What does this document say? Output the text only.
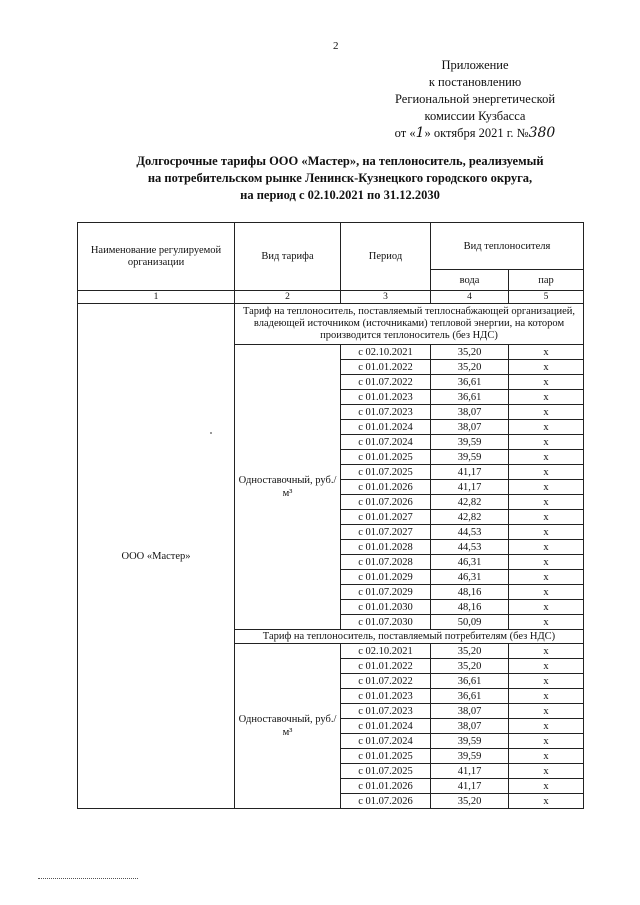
2
Приложение
к постановлению
Региональной энергетической
комиссии Кузбасса
от «1» октября 2021 г. №380
Долгосрочные тарифы ООО «Мастер», на теплоноситель, реализуемый
на потребительском рынке Ленинск-Кузнецкого городского округа,
на период с 02.10.2021 по 31.12.2030
Наименование регулируемой организации	Вид тарифа	Период	Вид теплоносителя	
			вода	пар
1	2	3	4	5
ООО «Мастер»	Тариф на теплоноситель, поставляемый теплоснабжающей организацией, владеющей источником (источниками) тепловой энергии, на котором производится теплоноситель (без НДС)			
	Одноставочный, руб./м³	с 02.10.2021	35,20	х
		с 01.01.2022	35,20	х
		с 01.07.2022	36,61	х
		с 01.01.2023	36,61	х
		с 01.07.2023	38,07	х
		с 01.01.2024	38,07	х
		с 01.07.2024	39,59	х
		с 01.01.2025	39,59	х
		с 01.07.2025	41,17	х
		с 01.01.2026	41,17	х
		с 01.07.2026	42,82	х
		с 01.01.2027	42,82	х
		с 01.07.2027	44,53	х
		с 01.01.2028	44,53	х
		с 01.07.2028	46,31	х
		с 01.01.2029	46,31	х
		с 01.07.2029	48,16	х
		с 01.01.2030	48,16	х
		с 01.07.2030	50,09	х
	Тариф на теплоноситель, поставляемый потребителям (без НДС)			
	Одноставочный, руб./м³	с 02.10.2021	35,20	х
		с 01.01.2022	35,20	х
		с 01.07.2022	36,61	х
		с 01.01.2023	36,61	х
		с 01.07.2023	38,07	х
		с 01.01.2024	38,07	х
		с 01.07.2024	39,59	х
		с 01.01.2025	39,59	х
		с 01.07.2025	41,17	х
		с 01.01.2026	41,17	х
		с 01.07.2026	35,20	х
